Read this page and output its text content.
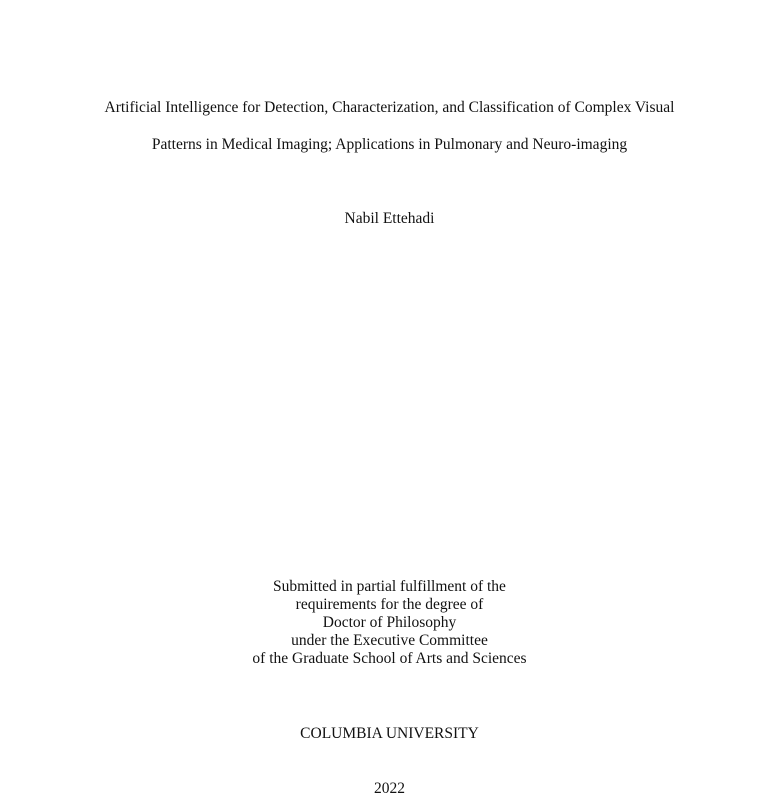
Artificial Intelligence for Detection, Characterization, and Classification of Complex Visual
Patterns in Medical Imaging; Applications in Pulmonary and Neuro-imaging
Nabil Ettehadi
Submitted in partial fulfillment of the
requirements for the degree of
Doctor of Philosophy
under the Executive Committee
of the Graduate School of Arts and Sciences
COLUMBIA UNIVERSITY
2022
